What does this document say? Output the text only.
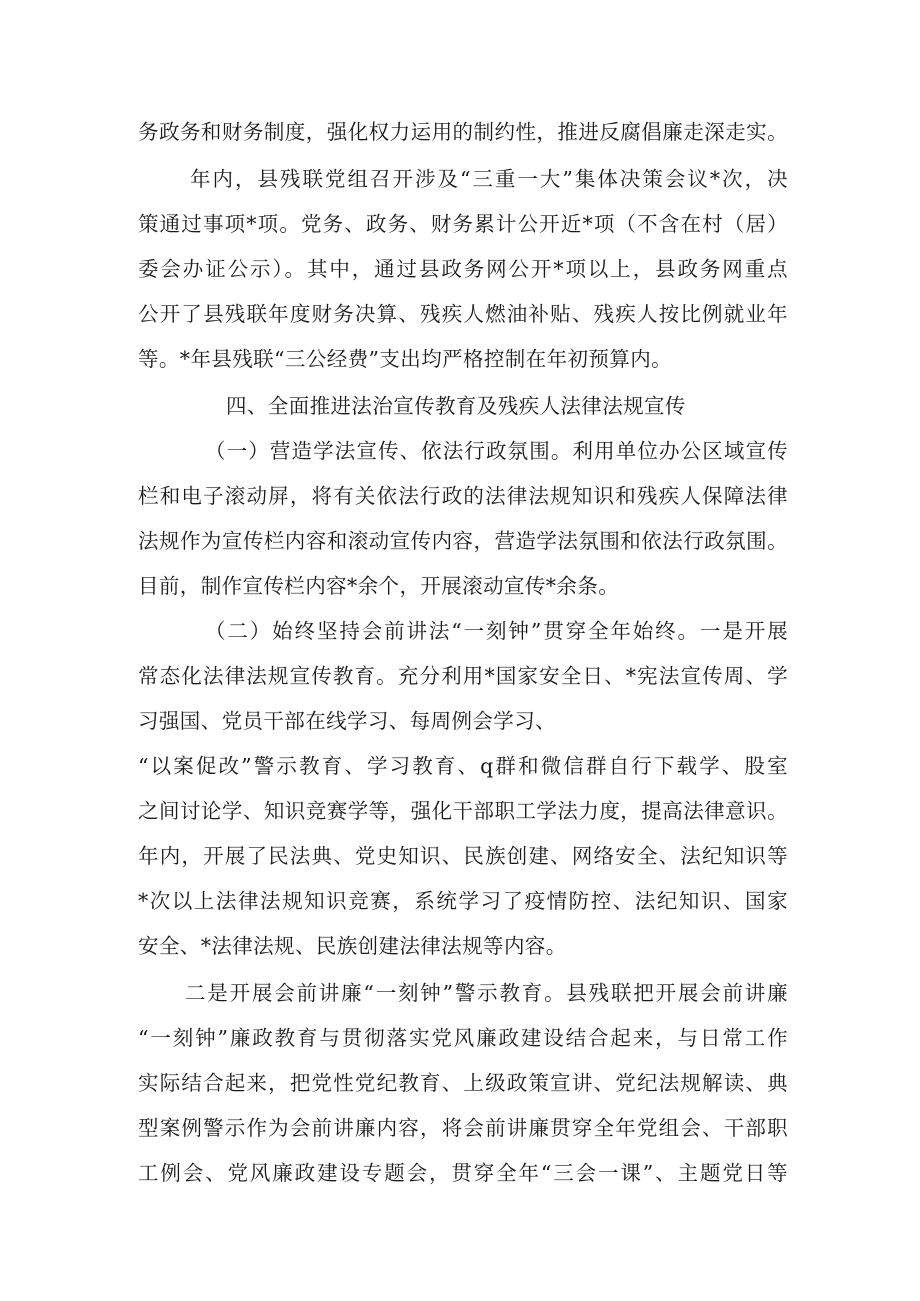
务政务和财务制度，强化权力运用的制约性，推进反腐倡廉走深走实。
年内，县残联党组召开涉及“三重一大”集体决策会议*次，决
策通过事项*项。党务、政务、财务累计公开近*项（不含在村（居）
委会办证公示）。其中，通过县政务网公开*项以上，县政务网重点
公开了县残联年度财务决算、残疾人燃油补贴、残疾人按比例就业年
等。*年县残联“三公经费”支出均严格控制在年初预算内。
四、全面推进法治宣传教育及残疾人法律法规宣传
（一）营造学法宣传、依法行政氛围。利用单位办公区域宣传
栏和电子滚动屏，将有关依法行政的法律法规知识和残疾人保障法律
法规作为宣传栏内容和滚动宣传内容，营造学法氛围和依法行政氛围。
目前，制作宣传栏内容*余个，开展滚动宣传*余条。
（二）始终坚持会前讲法“一刻钟”贯穿全年始终。一是开展
常态化法律法规宣传教育。充分利用*国家安全日、*宪法宣传周、学
习强国、党员干部在线学习、每周例会学习、
“以案促改”警示教育、学习教育、q群和微信群自行下载学、股室
之间讨论学、知识竞赛学等，强化干部职工学法力度，提高法律意识。
年内，开展了民法典、党史知识、民族创建、网络安全、法纪知识等
*次以上法律法规知识竞赛，系统学习了疫情防控、法纪知识、国家
安全、*法律法规、民族创建法律法规等内容。
二是开展会前讲廉“一刻钟”警示教育。县残联把开展会前讲廉
“一刻钟”廉政教育与贯彻落实党风廉政建设结合起来，与日常工作
实际结合起来，把党性党纪教育、上级政策宣讲、党纪法规解读、典
型案例警示作为会前讲廉内容，将会前讲廉贯穿全年党组会、干部职
工例会、党风廉政建设专题会，贯穿全年“三会一课”、主题党日等
